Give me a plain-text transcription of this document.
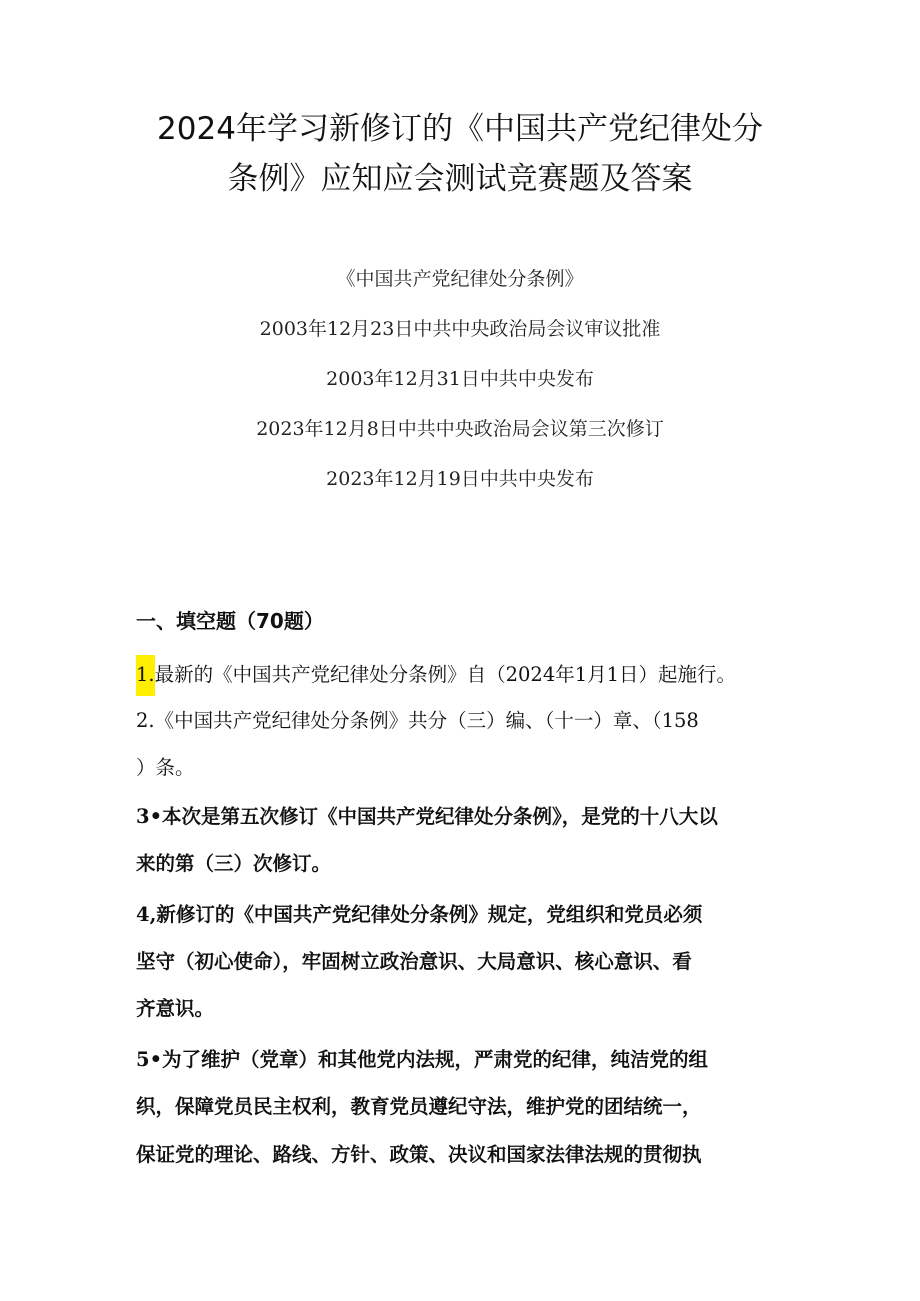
2024年学习新修订的《中国共产党纪律处分
条例》应知应会测试竞赛题及答案
《中国共产党纪律处分条例》
2003年12月23日中共中央政治局会议审议批准
2003年12月31日中共中央发布
2023年12月8日中共中央政治局会议第三次修订
2023年12月19日中共中央发布
一、填空题（70题）
1.最新的《中国共产党纪律处分条例》自（2024年1月1日）起施行。
2.《中国共产党纪律处分条例》共分（三）编、（十一）章、（158
）条。
3•本次是第五次修订《中国共产党纪律处分条例》，是党的十八大以
来的第（三）次修订。
4,新修订的《中国共产党纪律处分条例》规定，党组织和党员必须
坚守（初心使命），牢固树立政治意识、大局意识、核心意识、看
齐意识。
5•为了维护（党章）和其他党内法规，严肃党的纪律，纯洁党的组
织，保障党员民主权利，教育党员遵纪守法，维护党的团结统一，
保证党的理论、路线、方针、政策、决议和国家法律法规的贯彻执
